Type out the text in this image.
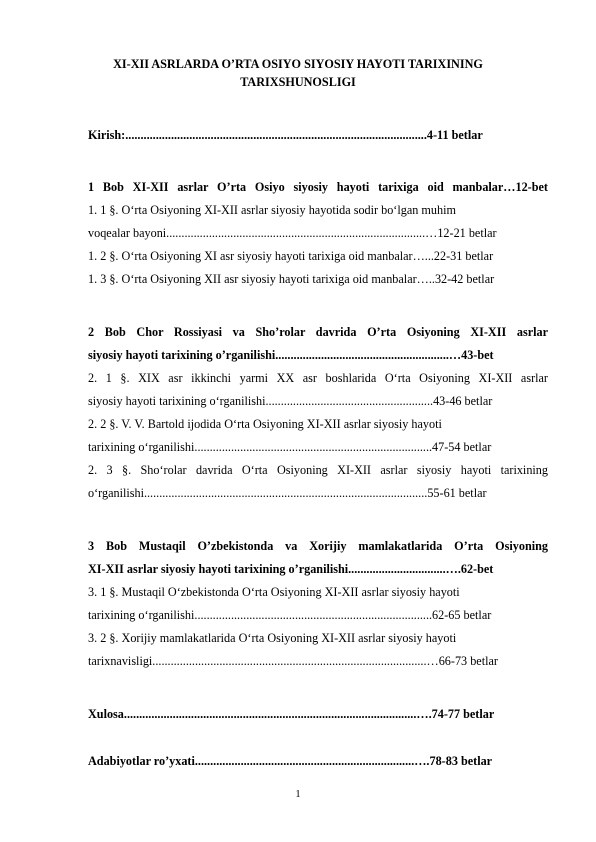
XI-XII ASRLARDA O’RTA OSIYO SIYOSIY HAYOTI TARIXINING
TARIXSHUNOSLIGI
Kirish:...................................................................................................4-11 betlar
1 Bob XI-XII asrlar O’rta Osiyo siyosiy hayoti tarixiga oid manbalar…12-bet
1. 1 §. O‘rta Osiyoning XI-XII asrlar siyosiy hayotida sodir bo‘lgan muhim
voqealar bayoni.....................................................................................…12-21 betlar
1. 2 §. O‘rta Osiyoning XI asr siyosiy hayoti tarixiga oid manbalar…...22-31 betlar
1. 3 §. O‘rta Osiyoning XII asr siyosiy hayoti tarixiga oid manbalar…..32-42 betlar
2 Bob Chor Rossiyasi va Sho’rolar davrida O’rta Osiyoning XI-XII asrlar
siyosiy hayoti tarixining o’rganilishi.........................................................…43-bet
2. 1 §. XIX asr ikkinchi yarmi XX asr boshlarida O‘rta Osiyoning XI-XII asrlar
siyosiy hayoti tarixining o‘rganilishi.......................................................43-46 betlar
2. 2 §. V. V. Bartold ijodida O‘rta Osiyoning XI-XII asrlar siyosiy hayoti
tarixining o‘rganilishi..............................................................................47-54 betlar
2. 3 §. Sho‘rolar davrida O‘rta Osiyoning XI-XII asrlar siyosiy hayoti tarixining
o‘rganilishi.............................................................................................55-61 betlar
3 Bob Mustaqil O’zbekistonda va Xorijiy mamlakatlarida O’rta Osiyoning
XI-XII asrlar siyosiy hayoti tarixining o’rganilishi................................….62-bet
3. 1 §. Mustaqil O‘zbekistonda O‘rta Osiyoning XI-XII asrlar siyosiy hayoti
tarixining o‘rganilishi..............................................................................62-65 betlar
3. 2 §. Xorijiy mamlakatlarida O‘rta Osiyoning XI-XII asrlar siyosiy hayoti
tarixnavisligi..........................................................................................…66-73 betlar
Xulosa................................................................................................….74-77 betlar
Adabiyotlar ro’yxati........................................................................….78-83 betlar
1
